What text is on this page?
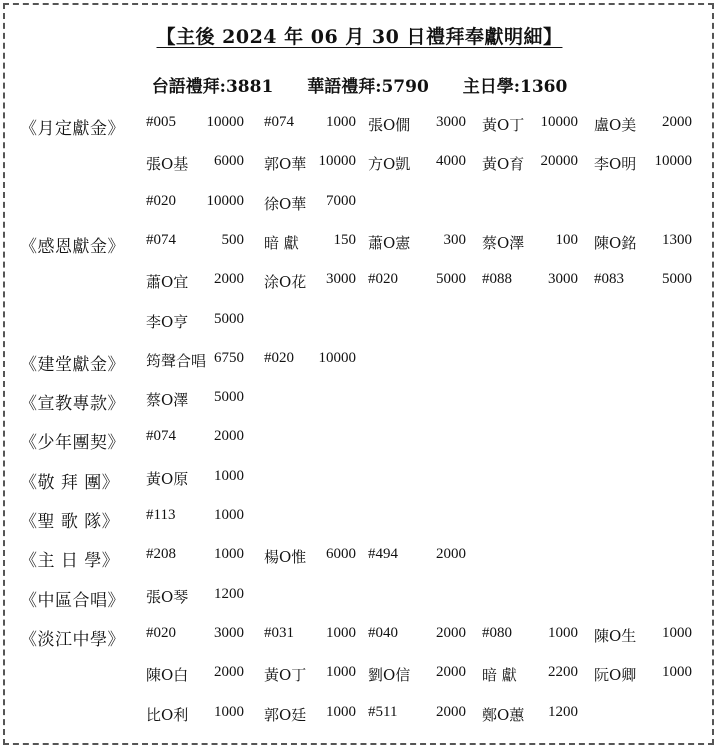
【主後 2024 年 06 月 30 日禮拜奉獻明細】
台語禮拜:3881 華語禮拜:5790 主日學:1360
《月定獻金》 #005 10000 #074 1000 張O僩 3000 黃O丁 10000 盧O美 2000
張O基 6000 郭O華 10000 方O凱 4000 黃O育 20000 李O明 10000
#020 10000 徐O華 7000
《感恩獻金》 #074	500 暗 獻 150 蕭O憲 300 蔡O澤 100 陳O銘 1300
蕭O宜 2000 涂O花 3000 #020	5000 #088 3000 #083	5000
李O亨 5000
《建堂獻金》 筠聲合唱 6750 #020 10000
《宣教專款》 蔡O澤 5000
《少年團契》 #074	2000
《敬 拜 團》 黃O原 1000
《聖 歌 隊》 #113	1000
《主 日 學》 #208	1000 楊O惟 6000 #494	2000
《中區合唱》 張O琴 1200
《淡江中學》 #020	3000 #031 1000 #040	2000 #080 1000 陳O生 1000
陳O白 2000 黃O丁 1000 劉O信 2000 暗 獻 2200 阮O卿 1000
比O利 1000 郭O廷 1000 #511	2000 鄭O蕙 1200
